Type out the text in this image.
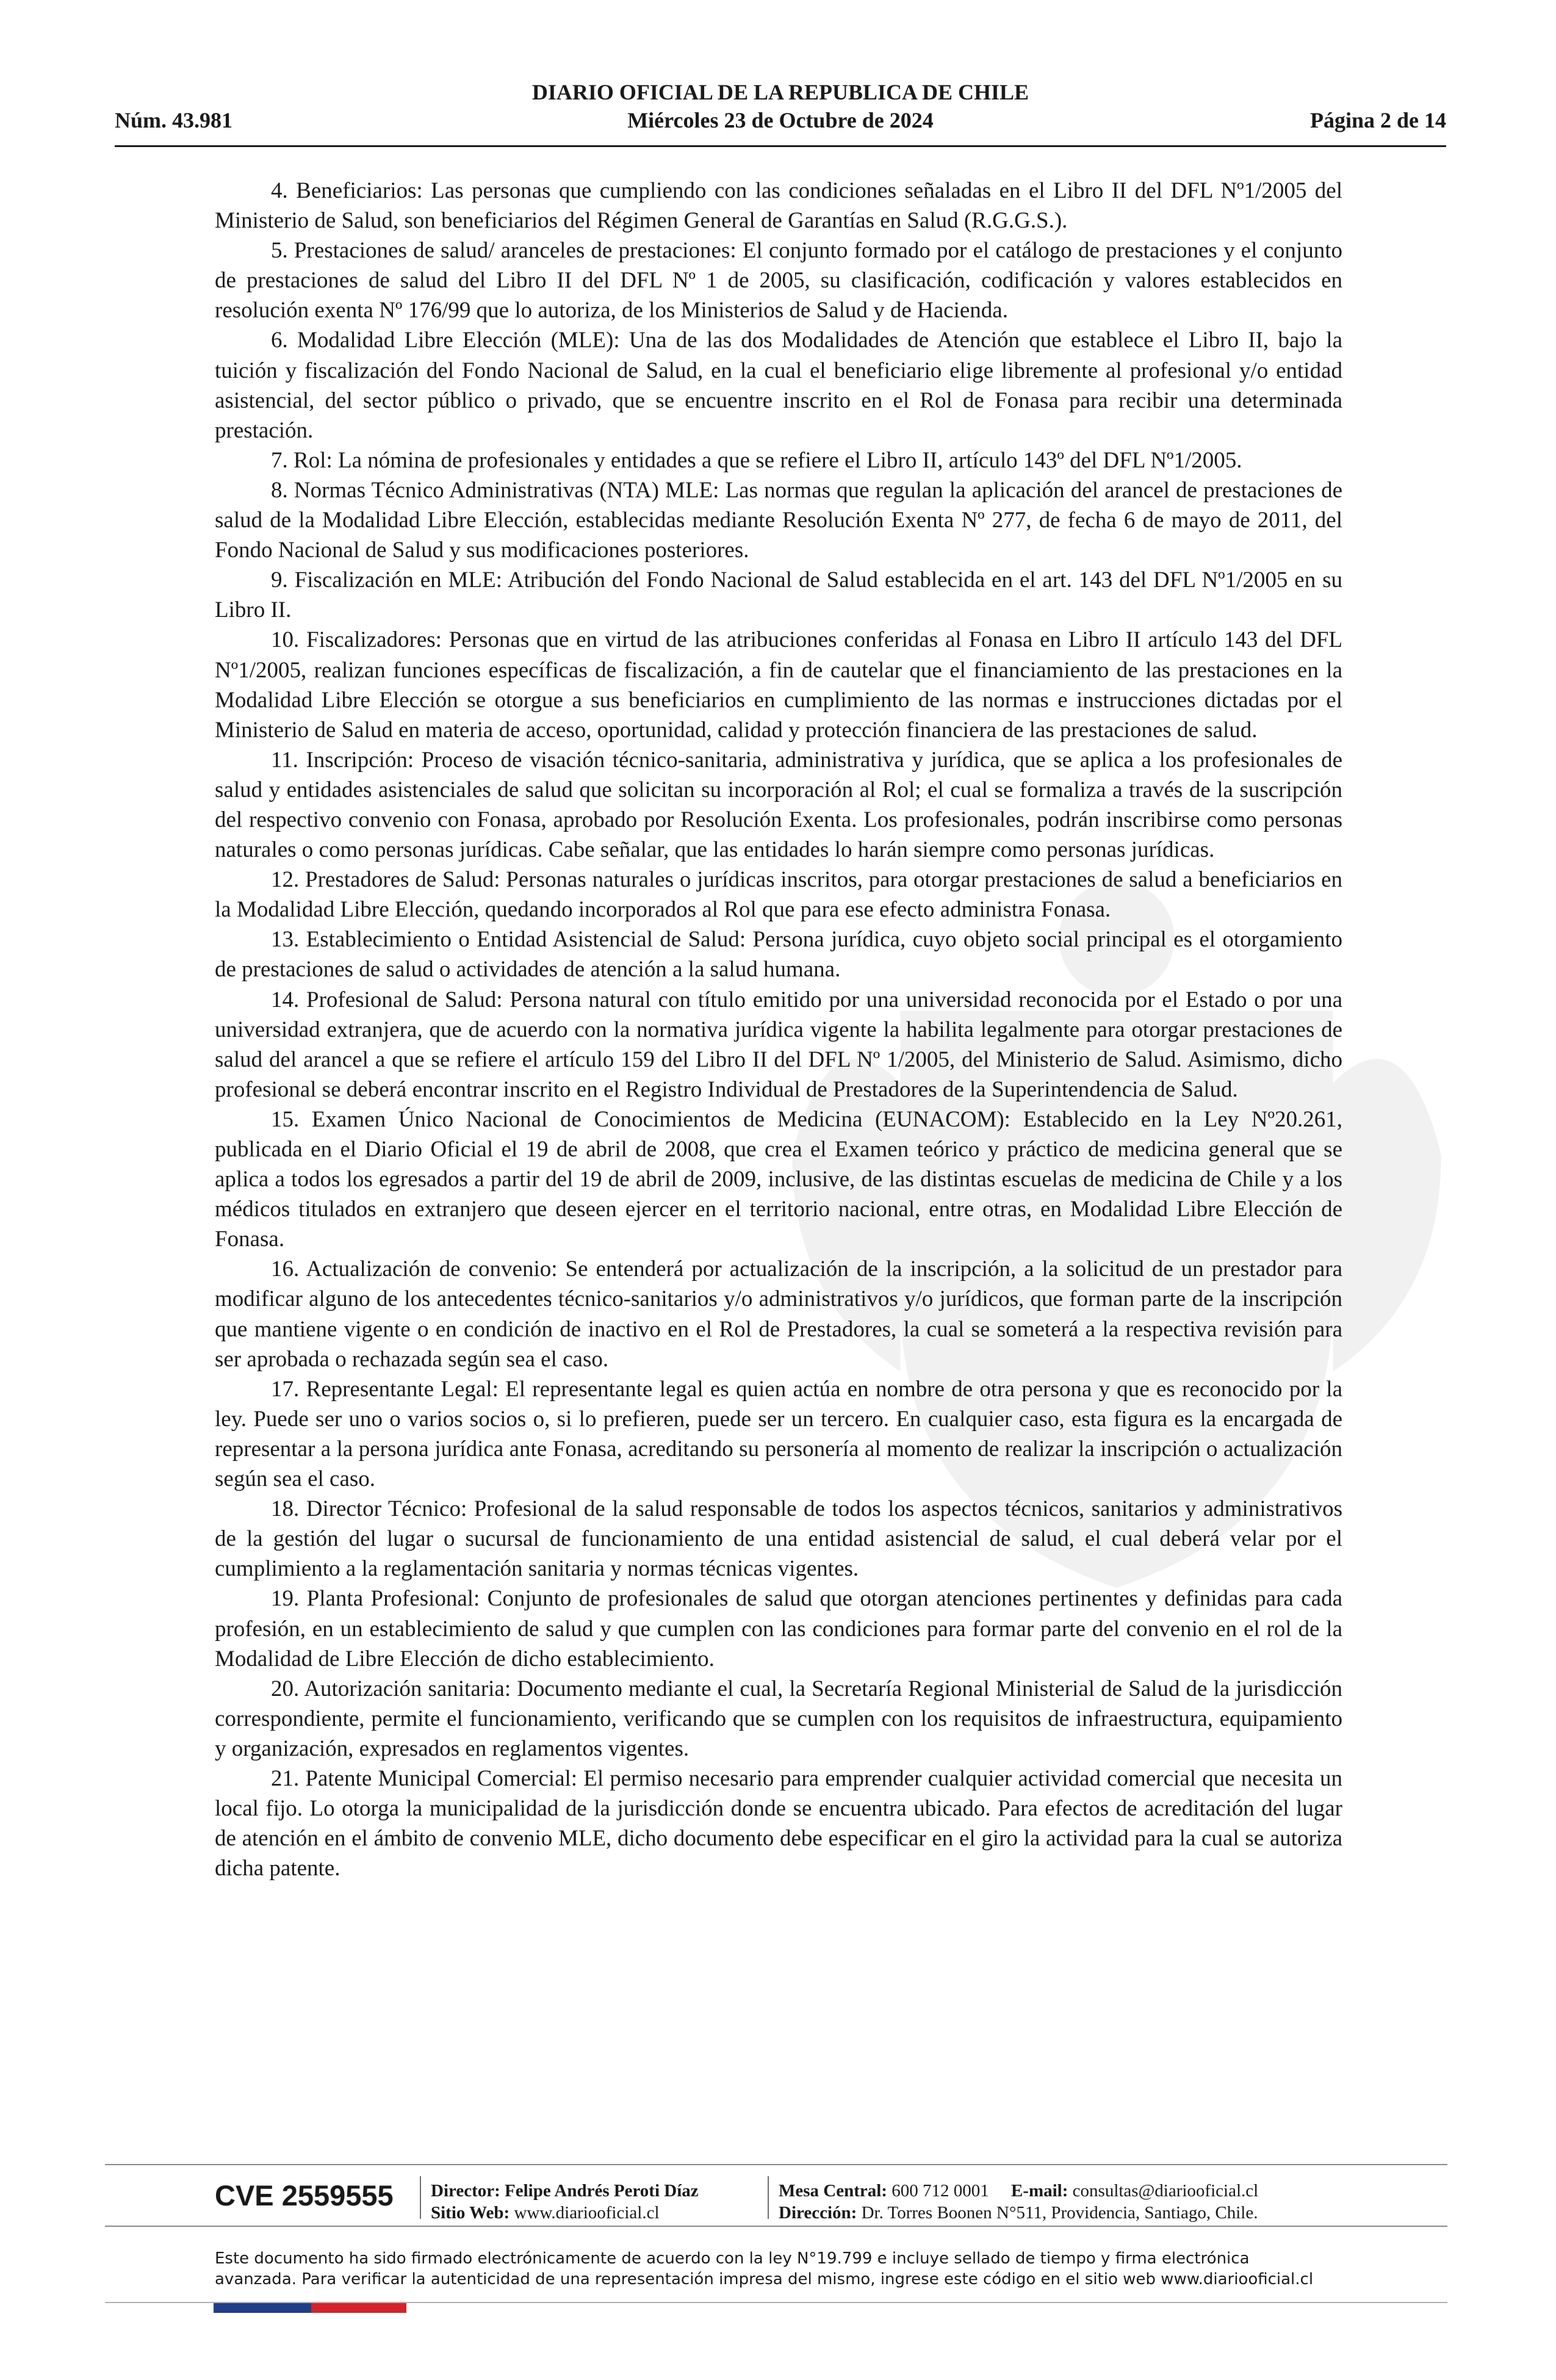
Núm. 43.981
DIARIO OFICIAL DE LA REPUBLICA DE CHILE
Miércoles 23 de Octubre de 2024	Página 2 de 14

4. Beneficiarios: Las personas que cumpliendo con las condiciones señaladas en el Libro II del DFL Nº1/2005 del Ministerio de Salud, son beneficiarios del Régimen General de Garantías en Salud (R.G.G.S.).

5. Prestaciones de salud/ aranceles de prestaciones: El conjunto formado por el catálogo de prestaciones y el conjunto de prestaciones de salud del Libro II del DFL Nº 1 de 2005, su clasificación, codificación y valores establecidos en resolución exenta Nº 176/99 que lo autoriza, de los Ministerios de Salud y de Hacienda.

6. Modalidad Libre Elección (MLE): Una de las dos Modalidades de Atención que establece el Libro II, bajo la tuición y fiscalización del Fondo Nacional de Salud, en la cual el beneficiario elige libremente al profesional y/o entidad asistencial, del sector público o privado, que se encuentre inscrito en el Rol de Fonasa para recibir una determinada prestación.

7. Rol: La nómina de profesionales y entidades a que se refiere el Libro II, artículo 143º del DFL Nº1/2005.

8. Normas Técnico Administrativas (NTA) MLE: Las normas que regulan la aplicación del arancel de prestaciones de salud de la Modalidad Libre Elección, establecidas mediante Resolución Exenta Nº 277, de fecha 6 de mayo de 2011, del Fondo Nacional de Salud y sus modificaciones posteriores.

9. Fiscalización en MLE: Atribución del Fondo Nacional de Salud establecida en el art. 143 del DFL Nº1/2005 en su Libro II.

10. Fiscalizadores: Personas que en virtud de las atribuciones conferidas al Fonasa en Libro II artículo 143 del DFL Nº1/2005, realizan funciones específicas de fiscalización, a fin de cautelar que el financiamiento de las prestaciones en la Modalidad Libre Elección se otorgue a sus beneficiarios en cumplimiento de las normas e instrucciones dictadas por el Ministerio de Salud en materia de acceso, oportunidad, calidad y protección financiera de las prestaciones de salud.

11. Inscripción: Proceso de visación técnico-sanitaria, administrativa y jurídica, que se aplica a los profesionales de salud y entidades asistenciales de salud que solicitan su incorporación al Rol; el cual se formaliza a través de la suscripción del respectivo convenio con Fonasa, aprobado por Resolución Exenta. Los profesionales, podrán inscribirse como personas naturales o como personas jurídicas. Cabe señalar, que las entidades lo harán siempre como personas jurídicas.

12. Prestadores de Salud: Personas naturales o jurídicas inscritos, para otorgar prestaciones de salud a beneficiarios en la Modalidad Libre Elección, quedando incorporados al Rol que para ese efecto administra Fonasa.

13. Establecimiento o Entidad Asistencial de Salud: Persona jurídica, cuyo objeto social principal es el otorgamiento de prestaciones de salud o actividades de atención a la salud humana.

14. Profesional de Salud: Persona natural con título emitido por una universidad reconocida por el Estado o por una universidad extranjera, que de acuerdo con la normativa jurídica vigente la habilita legalmente para otorgar prestaciones de salud del arancel a que se refiere el artículo 159 del Libro II del DFL Nº 1/2005, del Ministerio de Salud. Asimismo, dicho profesional se deberá encontrar inscrito en el Registro Individual de Prestadores de la Superintendencia de Salud.

15. Examen Único Nacional de Conocimientos de Medicina (EUNACOM): Establecido en la Ley Nº20.261, publicada en el Diario Oficial el 19 de abril de 2008, que crea el Examen teórico y práctico de medicina general que se aplica a todos los egresados a partir del 19 de abril de 2009, inclusive, de las distintas escuelas de medicina de Chile y a los médicos titulados en extranjero que deseen ejercer en el territorio nacional, entre otras, en Modalidad Libre Elección de Fonasa.

16. Actualización de convenio: Se entenderá por actualización de la inscripción, a la solicitud de un prestador para modificar alguno de los antecedentes técnico-sanitarios y/o administrativos y/o jurídicos, que forman parte de la inscripción que mantiene vigente o en condición de inactivo en el Rol de Prestadores, la cual se someterá a la respectiva revisión para ser aprobada o rechazada según sea el caso.

17. Representante Legal: El representante legal es quien actúa en nombre de otra persona y que es reconocido por la ley. Puede ser uno o varios socios o, si lo prefieren, puede ser un tercero. En cualquier caso, esta figura es la encargada de representar a la persona jurídica ante Fonasa, acreditando su personería al momento de realizar la inscripción o actualización según sea el caso.

18. Director Técnico: Profesional de la salud responsable de todos los aspectos técnicos, sanitarios y administrativos de la gestión del lugar o sucursal de funcionamiento de una entidad asistencial de salud, el cual deberá velar por el cumplimiento a la reglamentación sanitaria y normas técnicas vigentes.

19. Planta Profesional: Conjunto de profesionales de salud que otorgan atenciones pertinentes y definidas para cada profesión, en un establecimiento de salud y que cumplen con las condiciones para formar parte del convenio en el rol de la Modalidad de Libre Elección de dicho establecimiento.

20. Autorización sanitaria: Documento mediante el cual, la Secretaría Regional Ministerial de Salud de la jurisdicción correspondiente, permite el funcionamiento, verificando que se cumplen con los requisitos de infraestructura, equipamiento y organización, expresados en reglamentos vigentes.

21. Patente Municipal Comercial: El permiso necesario para emprender cualquier actividad comercial que necesita un local fijo. Lo otorga la municipalidad de la jurisdicción donde se encuentra ubicado. Para efectos de acreditación del lugar de atención en el ámbito de convenio MLE, dicho documento debe especificar en el giro la actividad para la cual se autoriza dicha patente.

CVE 2559555 Director: Felipe Andrés Peroti Díaz
Sitio Web: www.diariooficial.cl
Mesa Central: 600 712 0001 E-mail: consultas@diariooficial.cl
Dirección: Dr. Torres Boonen N°511, Providencia, Santiago, Chile.
Este documento ha sido firmado electrónicamente de acuerdo con la ley N°19.799 e incluye sellado de tiempo y firma electrónica
avanzada. Para verificar la autenticidad de una representación impresa del mismo, ingrese este código en el sitio web www.diariooficial.cl
